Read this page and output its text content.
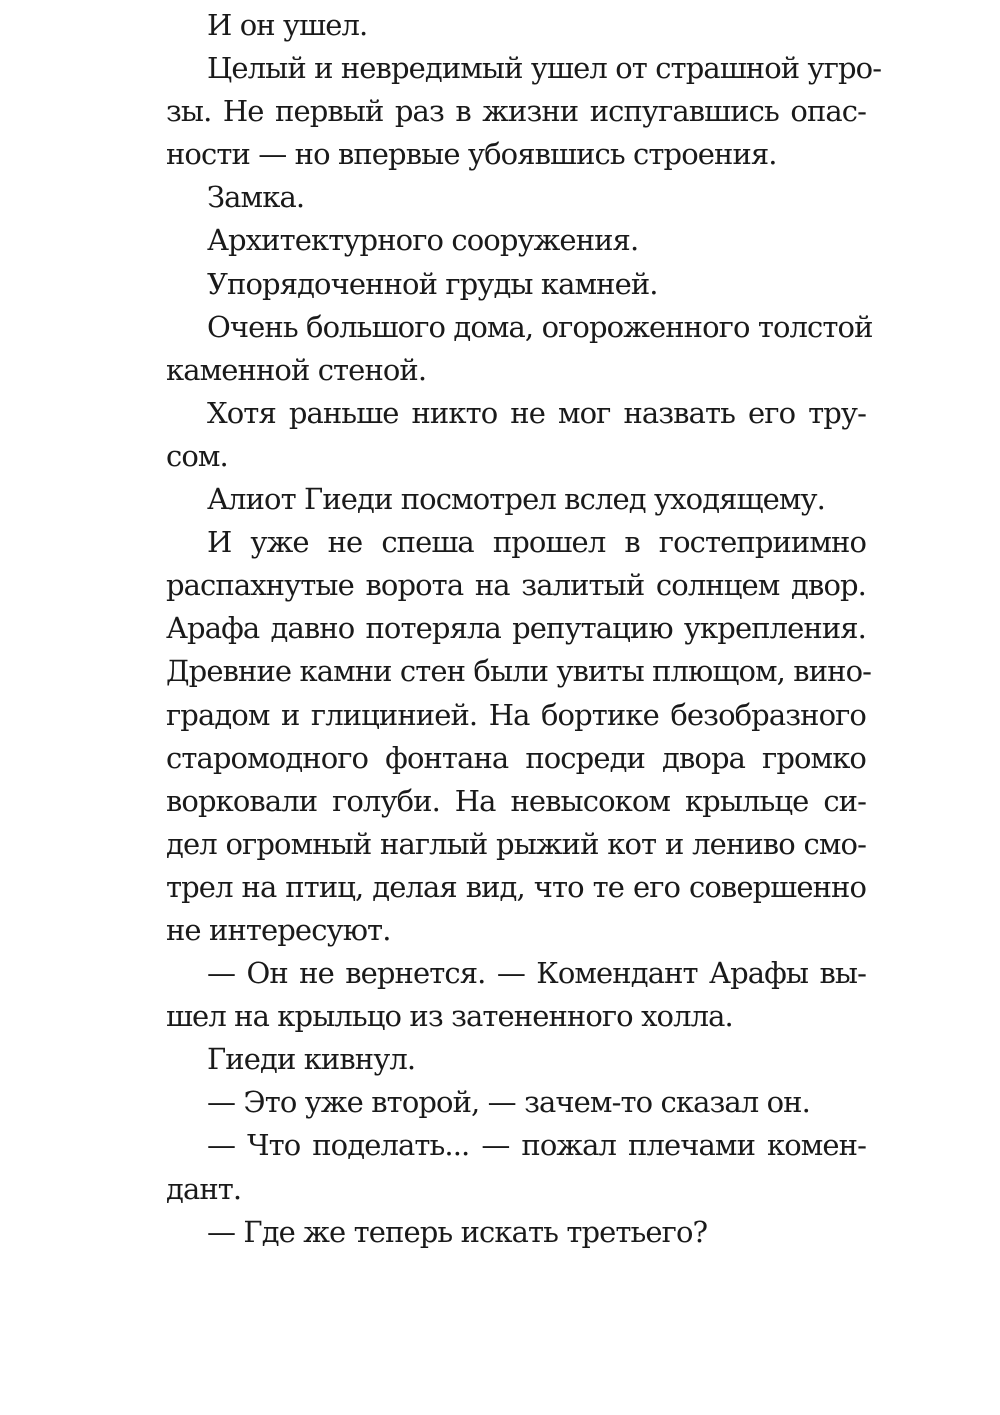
И он ушел.
Целый и невредимый ушел от страшной угро-
зы. Не первый раз в жизни испугавшись опас-
ности — но впервые убоявшись строения.
Замка.
Архитектурного сооружения.
Упорядоченной груды камней.
Очень большого дома, огороженного толстой
каменной стеной.
Хотя раньше никто не мог назвать его тру-
сом.
Алиот Гиеди посмотрел вслед уходящему.
И уже не спеша прошел в гостеприимно
распахнутые ворота на залитый солнцем двор.
Арафа давно потеряла репутацию укрепления.
Древние камни стен были увиты плющом, вино-
градом и глицинией. На бортике безобразного
старомодного фонтана посреди двора громко
ворковали голуби. На невысоком крыльце си-
дел огромный наглый рыжий кот и лениво смо-
трел на птиц, делая вид, что те его совершенно
не интересуют.
— Он не вернется. — Комендант Арафы вы-
шел на крыльцо из затененного холла.
Гиеди кивнул.
— Это уже второй, — зачем-то сказал он.
— Что поделать... — пожал плечами комен-
дант.
— Где же теперь искать третьего?
